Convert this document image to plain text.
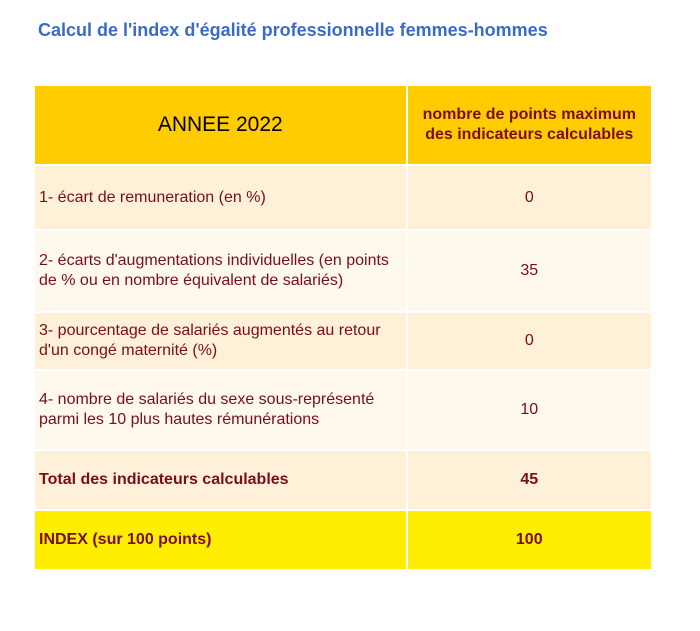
Calcul de l'index d'égalité professionnelle femmes-hommes
ANNEE 2022	nombre de points maximum des indicateurs calculables
1- écart de remuneration (en %)	0
2- écarts d'augmentations individuelles (en points de % ou en nombre équivalent de salariés)	35
3- pourcentage de salariés augmentés au retour d'un congé maternité (%)	0
4- nombre de salariés du sexe sous-représenté parmi les 10 plus hautes rémunérations	10
Total des indicateurs calculables	45
INDEX (sur 100 points)	100
